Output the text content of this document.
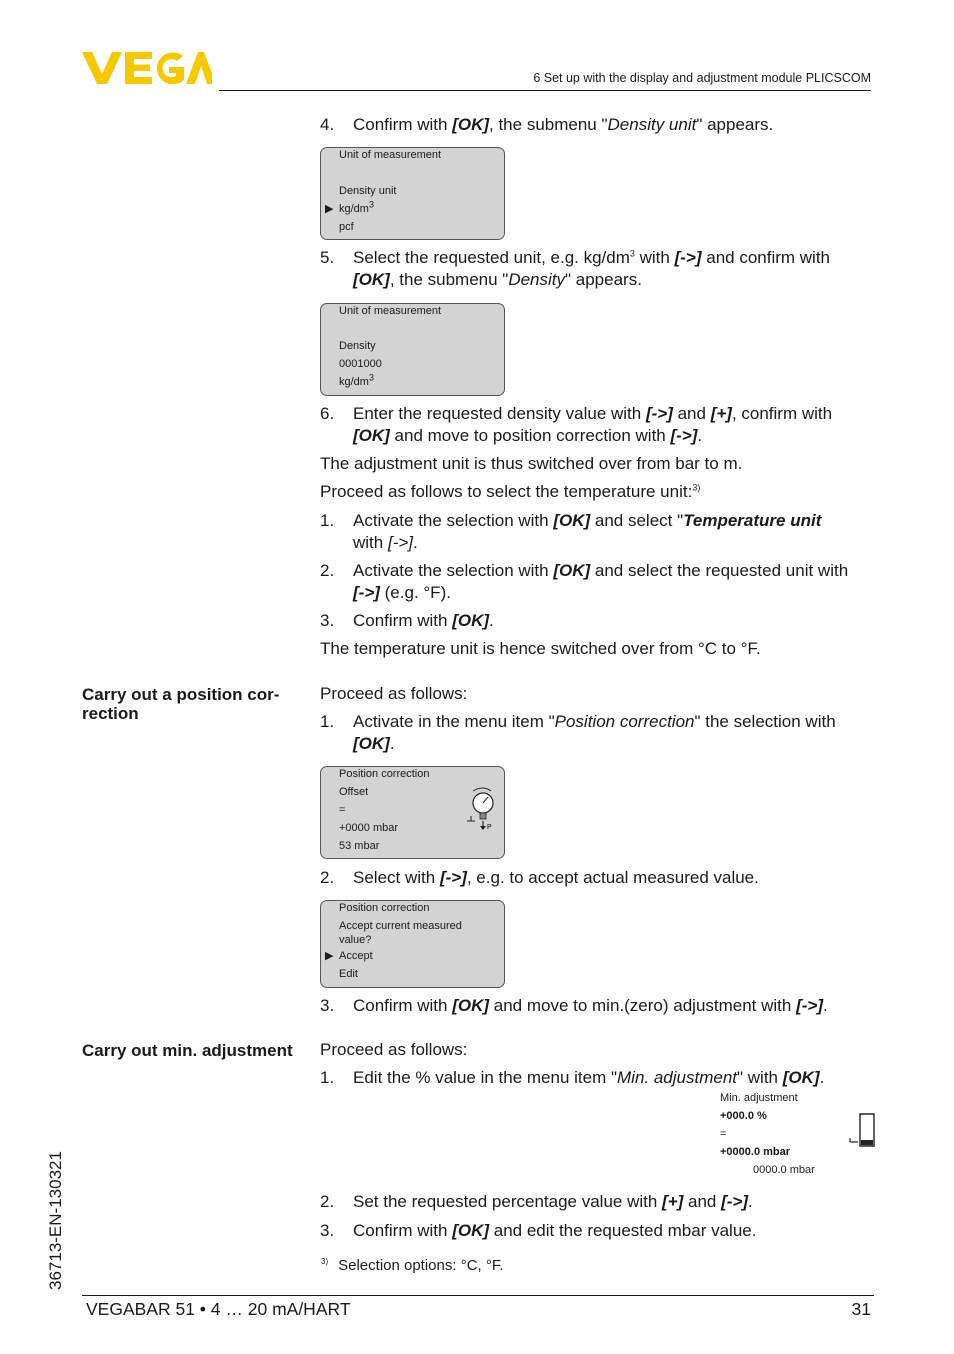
6 Set up with the display and adjustment module PLICSCOM
4. Confirm with [OK], the submenu "Density unit" appears.
Unit of measurement
Density unit
▶ $kg/dm^3$
pcf
5. Select the requested unit, e.g. $kg/dm^3$ with [->] and confirm with
[OK], the submenu "Density" appears.
Unit of measurement
Density
0001000
$kg/dm^3$
6. Enter the requested density value with [->] and [+], confirm with
[OK] and move to position correction with [->].
The adjustment unit is thus switched over from bar to m.
Proceed as follows to select the temperature unit:$^{3)}$
1. Activate the selection with [OK] and select "Temperature unit
with [->].
2. Activate the selection with [OK] and select the requested unit with
[->] (e.g. °F).
3. Confirm with [OK].
The temperature unit is hence switched over from °C to °F.
Carry out a position cor-
rection
Proceed as follows:
1. Activate in the menu item "Position correction" the selection with
[OK].
Position correction
Offset
=
+0000 mbar
53 mbar
P
2. Select with [->], e.g. to accept actual measured value.
Position correction
Accept current measured
value?
▶ Accept
Edit
3. Confirm with [OK] and move to min.(zero) adjustment with [->].
Carry out min. adjustment Proceed as follows:
1. Edit the % value in the menu item "Min. adjustment" with [OK].
Min. adjustment
+000.0 %
=
+0000.0 mbar
0000.0 mbar
2. Set the requested percentage value with [+] and [->].
3. Confirm with [OK] and edit the requested mbar value.
$^{3)}$ Selection options: °C, °F.
36713-EN-130321
VEGABAR 51 • 4 … 20 mA/HART	31
